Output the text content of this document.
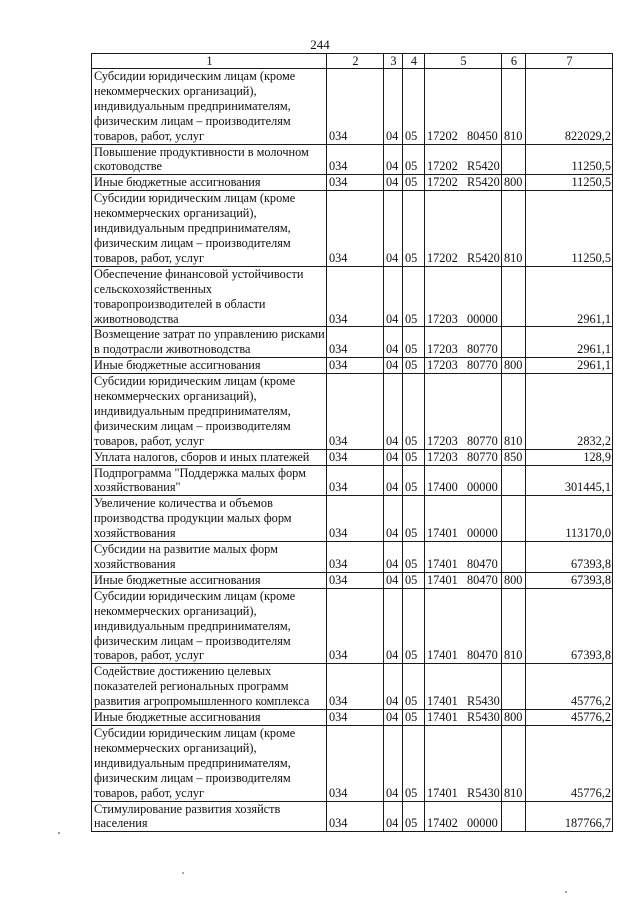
244
1	2	3	4	5	6	7
Субсидии юридическим лицам (кроме некоммерческих организаций), индивидуальным предпринимателям, физическим лицам – производителям товаров, работ, услуг	034	04	05	17202 80450	810	822029,2
Повышение продуктивности в молочном скотоводстве	034	04	05	17202 R5420		11250,5
Иные бюджетные ассигнования	034	04	05	17202 R5420	800	11250,5
Субсидии юридическим лицам (кроме некоммерческих организаций), индивидуальным предпринимателям, физическим лицам – производителям товаров, работ, услуг	034	04	05	17202 R5420	810	11250,5
Обеспечение финансовой устойчивости сельскохозяйственных товаропроизводителей в области животноводства	034	04	05	17203 00000		2961,1
Возмещение затрат по управлению рисками в подотрасли животноводства	034	04	05	17203 80770		2961,1
Иные бюджетные ассигнования	034	04	05	17203 80770	800	2961,1
Субсидии юридическим лицам (кроме некоммерческих организаций), индивидуальным предпринимателям, физическим лицам – производителям товаров, работ, услуг	034	04	05	17203 80770	810	2832,2
Уплата налогов, сборов и иных платежей	034	04	05	17203 80770	850	128,9
Подпрограмма "Поддержка малых форм хозяйствования"	034	04	05	17400 00000		301445,1
Увеличение количества и объемов производства продукции малых форм хозяйствования	034	04	05	17401 00000		113170,0
Субсидии на развитие малых форм хозяйствования	034	04	05	17401 80470		67393,8
Иные бюджетные ассигнования	034	04	05	17401 80470	800	67393,8
Субсидии юридическим лицам (кроме некоммерческих организаций), индивидуальным предпринимателям, физическим лицам – производителям товаров, работ, услуг	034	04	05	17401 80470	810	67393,8
Содействие достижению целевых показателей региональных программ развития агропромышленного комплекса	034	04	05	17401 R5430		45776,2
Иные бюджетные ассигнования	034	04	05	17401 R5430	800	45776,2
Субсидии юридическим лицам (кроме некоммерческих организаций), индивидуальным предпринимателям, физическим лицам – производителям товаров, работ, услуг	034	04	05	17401 R5430	810	45776,2
Стимулирование развития хозяйств населения	034	04	05	17402 00000		187766,7
